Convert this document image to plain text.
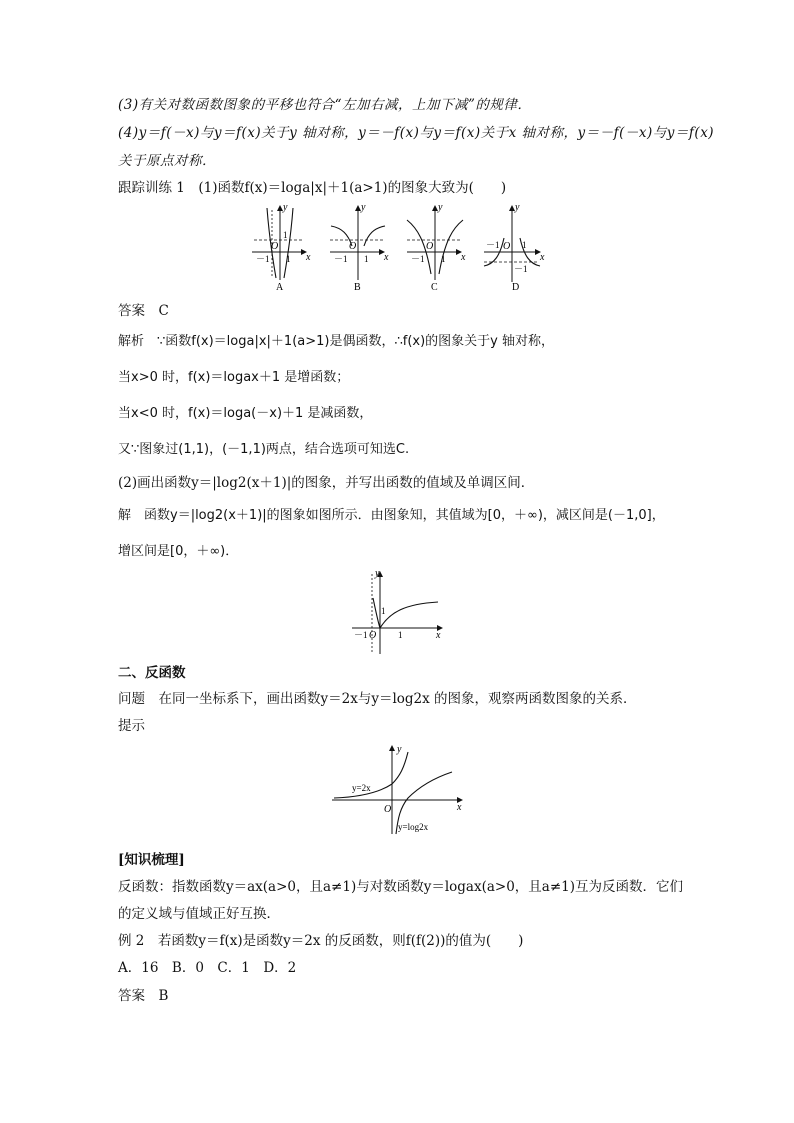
(3)有关对数函数图象的平移也符合“左加右减，上加下减”的规律．
(4)y＝f(－x)与y＝f(x)关于y 轴对称，y＝－f(x)与y＝f(x)关于x 轴对称，y＝－f(－x)与y＝f(x)
关于原点对称．
跟踪训练 1　(1)函数f(x)＝loga|x|＋1(a>1)的图象大致为(　　)
y
1
O
－1 1 x
A
y
O
－1 1 x
B
y
O
－1 1 x
C
y
O
－1 1
－1
x
D
答案　C
解析　∵函数f(x)＝loga|x|＋1(a>1)是偶函数，∴f(x)的图象关于y 轴对称，
当x>0 时，f(x)＝logax＋1 是增函数；
当x<0 时，f(x)＝loga(－x)＋1 是减函数，
又∵图象过(1,1)，(－1,1)两点，结合选项可知选C.
(2)画出函数y＝|log2(x＋1)|的图象，并写出函数的值域及单调区间．
解　函数y＝|log2(x＋1)|的图象如图所示．由图象知，其值域为[0，＋∞)，减区间是(－1,0]，
增区间是[0，＋∞)．
y
1
O
－1	1	x
二、反函数
问题　在同一坐标系下，画出函数y＝2x与y＝log2x 的图象，观察两函数图象的关系．
提示
y
O	x
y=2x
y=log2x
[知识梳理]
反函数：指数函数y＝ax(a>0，且a≠1)与对数函数y＝logax(a>0，且a≠1)互为反函数．它们
的定义域与值域正好互换．
例 2　若函数y＝f(x)是函数y＝2x 的反函数，则f(f(2))的值为(　　)
A．16　B．0　C．1　D．2
答案　B
